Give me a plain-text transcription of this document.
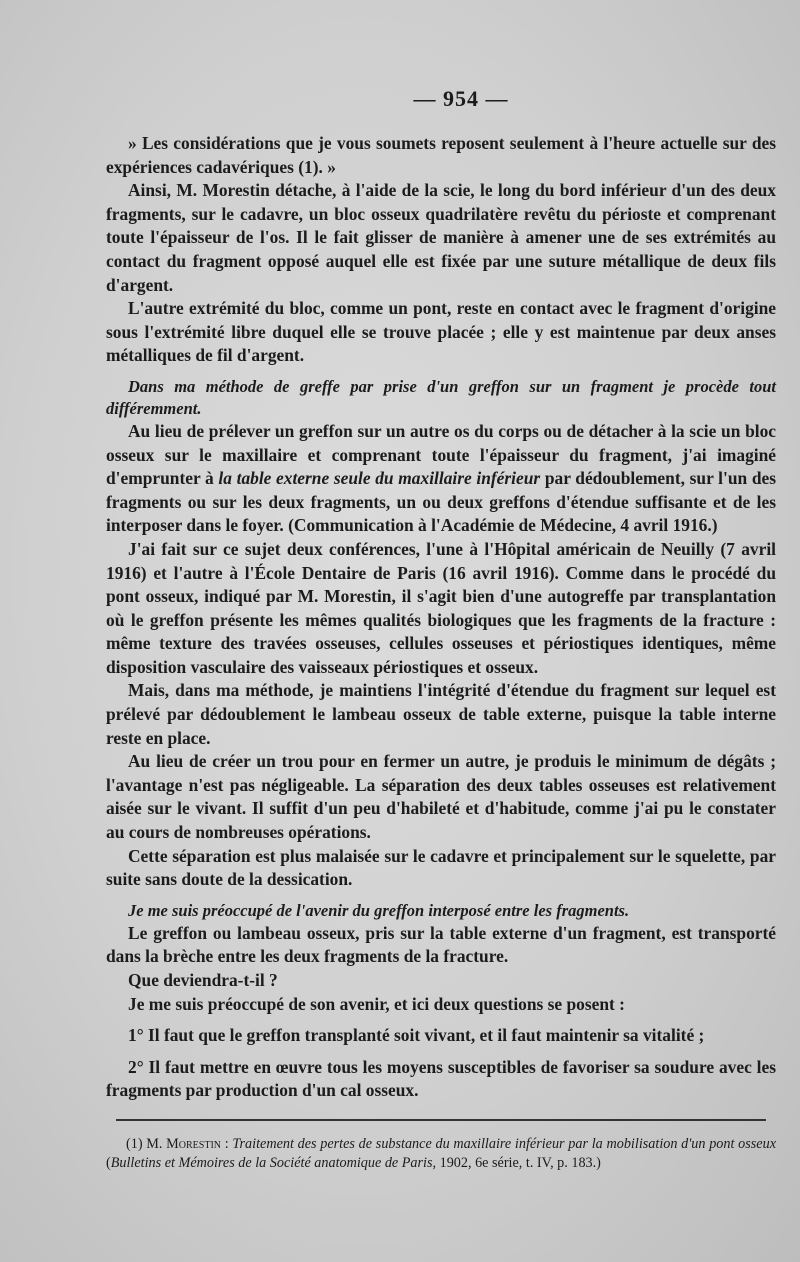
— 954 —

» Les considérations que je vous soumets reposent seulement à l'heure actuelle sur des expériences cadavériques (1). »

Ainsi, M. Morestin détache, à l'aide de la scie, le long du bord inférieur d'un des deux fragments, sur le cadavre, un bloc osseux quadrilatère revêtu du périoste et comprenant toute l'épaisseur de l'os. Il le fait glisser de manière à amener une de ses extrémités au contact du fragment opposé auquel elle est fixée par une suture métallique de deux fils d'argent.

L'autre extrémité du bloc, comme un pont, reste en contact avec le fragment d'origine sous l'extrémité libre duquel elle se trouve placée ; elle y est maintenue par deux anses métalliques de fil d'argent.

Dans ma méthode de greffe par prise d'un greffon sur un fragment je procède tout différemment.

Au lieu de prélever un greffon sur un autre os du corps ou de détacher à la scie un bloc osseux sur le maxillaire et comprenant toute l'épaisseur du fragment, j'ai imaginé d'emprunter à la table externe seule du maxillaire inférieur par dédoublement, sur l'un des fragments ou sur les deux fragments, un ou deux greffons d'étendue suffisante et de les interposer dans le foyer. (Communication à l'Académie de Médecine, 4 avril 1916.)

J'ai fait sur ce sujet deux conférences, l'une à l'Hôpital américain de Neuilly (7 avril 1916) et l'autre à l'École Dentaire de Paris (16 avril 1916). Comme dans le procédé du pont osseux, indiqué par M. Morestin, il s'agit bien d'une autogreffe par transplantation où le greffon présente les mêmes qualités biologiques que les fragments de la fracture : même texture des travées osseuses, cellules osseuses et périostiques identiques, même disposition vasculaire des vaisseaux périostiques et osseux.

Mais, dans ma méthode, je maintiens l'intégrité d'étendue du fragment sur lequel est prélevé par dédoublement le lambeau osseux de table externe, puisque la table interne reste en place.

Au lieu de créer un trou pour en fermer un autre, je produis le minimum de dégâts ; l'avantage n'est pas négligeable. La séparation des deux tables osseuses est relativement aisée sur le vivant. Il suffit d'un peu d'habileté et d'habitude, comme j'ai pu le constater au cours de nombreuses opérations.

Cette séparation est plus malaisée sur le cadavre et principalement sur le squelette, par suite sans doute de la dessication.

Je me suis préoccupé de l'avenir du greffon interposé entre les fragments.

Le greffon ou lambeau osseux, pris sur la table externe d'un fragment, est transporté dans la brèche entre les deux fragments de la fracture.

Que deviendra-t-il ?

Je me suis préoccupé de son avenir, et ici deux questions se posent :

1° Il faut que le greffon transplanté soit vivant, et il faut maintenir sa vitalité ;

2° Il faut mettre en œuvre tous les moyens susceptibles de favoriser sa soudure avec les fragments par production d'un cal osseux.

(1) M. Morestin : Traitement des pertes de substance du maxillaire inférieur par la mobilisation d'un pont osseux (Bulletins et Mémoires de la Société anatomique de Paris, 1902, 6e série, t. IV, p. 183.)
